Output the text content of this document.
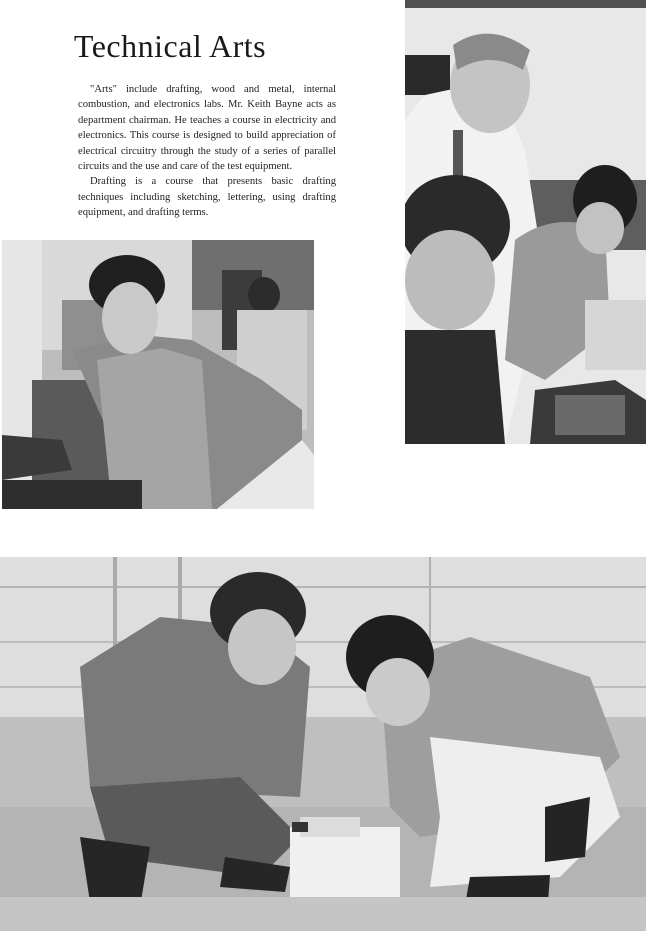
Technical Arts

"Arts" include drafting, wood and metal, internal combustion, and electronics labs. Mr. Keith Bayne acts as department chairman. He teaches a course in electricity and electronics. This course is designed to build appreciation of electrical circuitry through the study of a series of parallel circuits and the use and care of the test equipment.

Drafting is a course that presents basic drafting techniques including sketching, lettering, using drafting equipment, and drafting terms.
